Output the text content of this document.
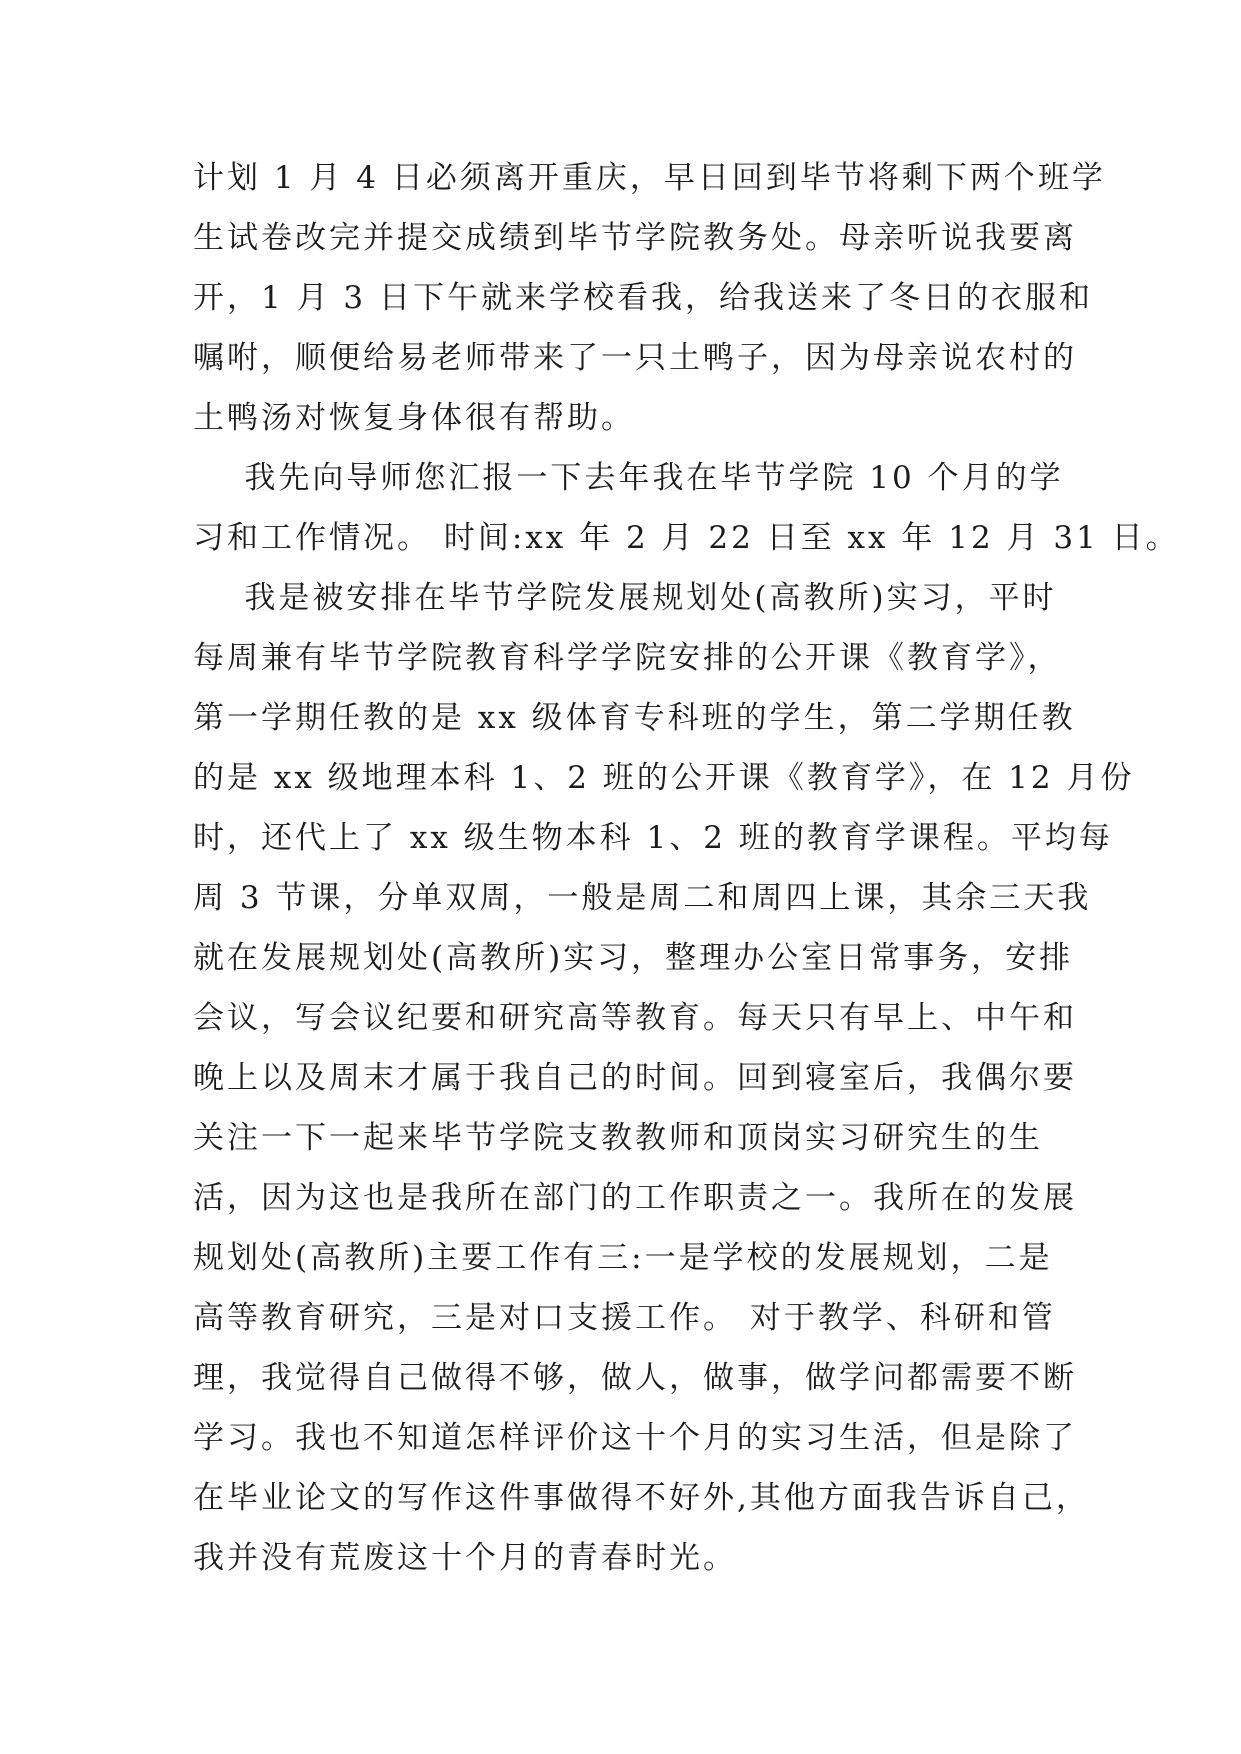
计划 1 月 4 日必须离开重庆，早日回到毕节将剩下两个班学
生试卷改完并提交成绩到毕节学院教务处。母亲听说我要离
开，1 月 3 日下午就来学校看我，给我送来了冬日的衣服和
嘱咐，顺便给易老师带来了一只土鸭子，因为母亲说农村的
土鸭汤对恢复身体很有帮助。
我先向导师您汇报一下去年我在毕节学院 10 个月的学
习和工作情况。 时间:xx 年 2 月 22 日至 xx 年 12 月 31 日。
我是被安排在毕节学院发展规划处(高教所)实习，平时
每周兼有毕节学院教育科学学院安排的公开课《教育学》，
第一学期任教的是 xx 级体育专科班的学生，第二学期任教
的是 xx 级地理本科 1、2 班的公开课《教育学》，在 12 月份
时，还代上了 xx 级生物本科 1、2 班的教育学课程。平均每
周 3 节课，分单双周，一般是周二和周四上课，其余三天我
就在发展规划处(高教所)实习，整理办公室日常事务，安排
会议，写会议纪要和研究高等教育。每天只有早上、中午和
晚上以及周末才属于我自己的时间。回到寝室后，我偶尔要
关注一下一起来毕节学院支教教师和顶岗实习研究生的生
活，因为这也是我所在部门的工作职责之一。我所在的发展
规划处(高教所)主要工作有三:一是学校的发展规划，二是
高等教育研究，三是对口支援工作。 对于教学、科研和管
理，我觉得自己做得不够，做人，做事，做学问都需要不断
学习。我也不知道怎样评价这十个月的实习生活，但是除了
在毕业论文的写作这件事做得不好外,其他方面我告诉自己，
我并没有荒废这十个月的青春时光。
